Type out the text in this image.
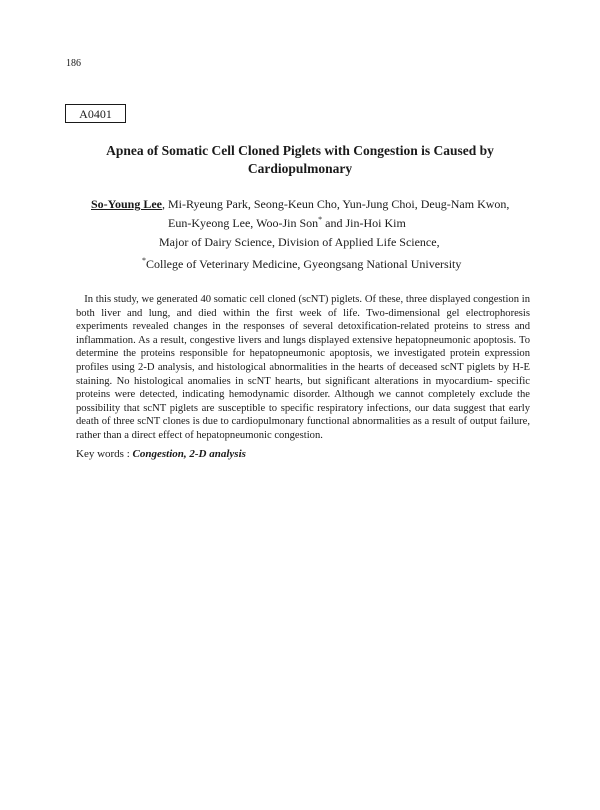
186
A0401
Apnea of Somatic Cell Cloned Piglets with Congestion is Caused by Cardiopulmonary
So-Young Lee, Mi-Ryeung Park, Seong-Keun Cho, Yun-Jung Choi, Deug-Nam Kwon,
Eun-Kyeong Lee, Woo-Jin Son* and Jin-Hoi Kim
Major of Dairy Science, Division of Applied Life Science,
*College of Veterinary Medicine, Gyeongsang National University
In this study, we generated 40 somatic cell cloned (scNT) piglets. Of these, three displayed congestion in both liver and lung, and died within the first week of life. Two-dimensional gel electrophoresis experiments revealed changes in the responses of several detoxification-related proteins to stress and inflammation. As a result, congestive livers and lungs displayed extensive hepatopneumonic apoptosis. To determine the proteins responsible for hepatopneumonic apoptosis, we investigated protein expression profiles using 2-D analysis, and histological abnormalities in the hearts of deceased scNT piglets by H-E staining. No histological anomalies in scNT hearts, but significant alterations in myocardium- specific proteins were detected, indicating hemodynamic disorder. Although we cannot completely exclude the possibility that scNT piglets are susceptible to specific respiratory infections, our data suggest that early death of three scNT clones is due to cardiopulmonary functional abnormalities as a result of output failure, rather than a direct effect of hepatopneumonic congestion.
Key words : Congestion, 2-D analysis
